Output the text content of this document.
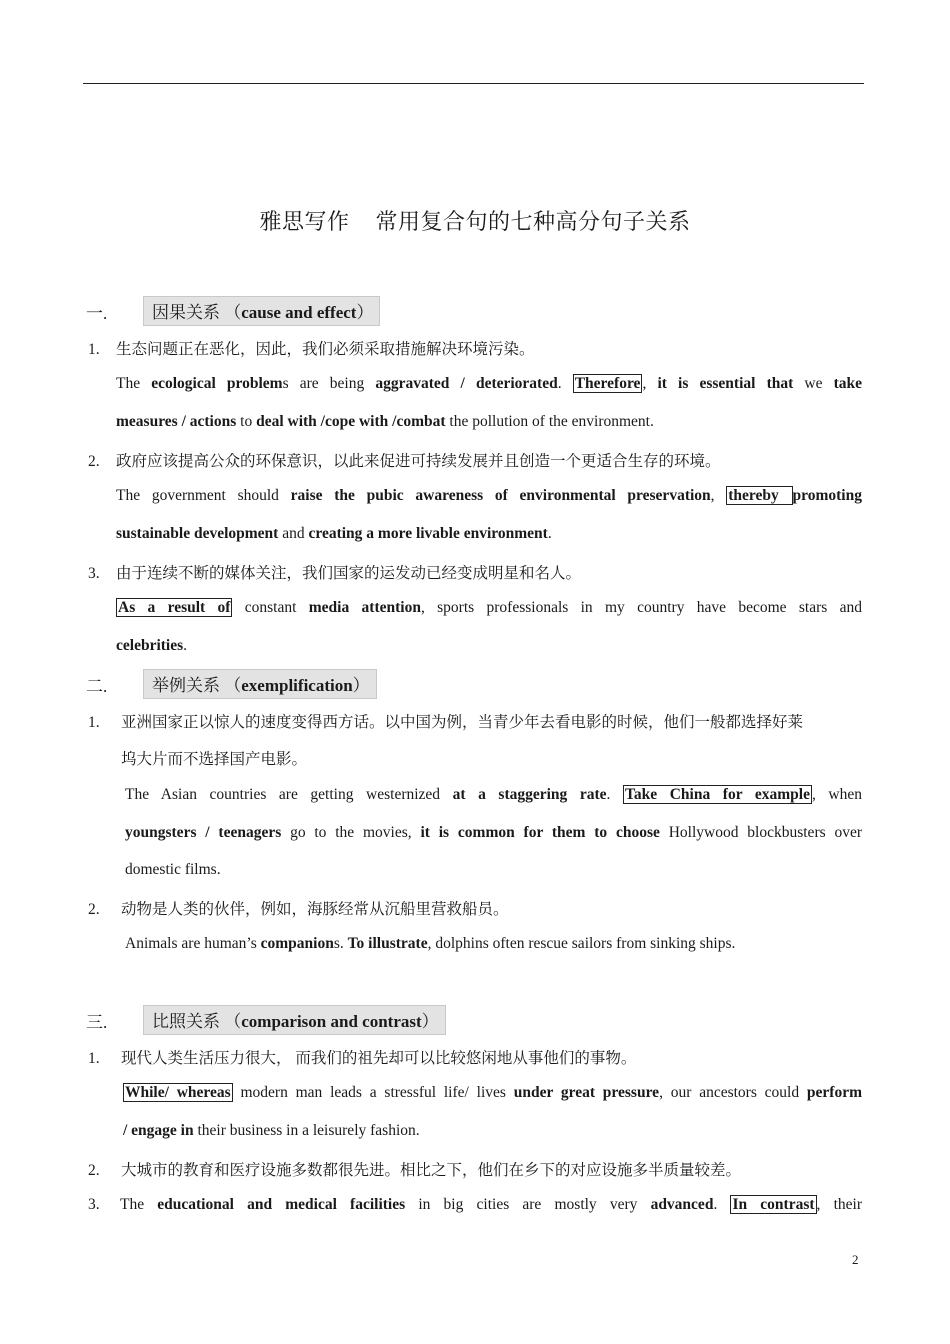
雅思写作 常用复合句的七种高分句子关系
一.	因果关系 （cause and effect）
1. 生态问题正在恶化，因此，我们必须采取措施解决环境污染。
The ecological problems are being aggravated / deteriorated. Therefore , it is essential that we take
measures / actions to deal with /cope with /combat the pollution of the environment.
2. 政府应该提高公众的环保意识，以此来促进可持续发展并且创造一个更适合生存的环境。
The government should raise the pubic awareness of environmental preservation, thereby promoting
sustainable development and creating a more livable environment.
3. 由于连续不断的媒体关注，我们国家的运发动已经变成明星和名人。
As a result of constant media attention, sports professionals in my country have become stars and
celebrities.
二.	举例关系 （exemplification）
1. 亚洲国家正以惊人的速度变得西方话。以中国为例，当青少年去看电影的时候，他们一般都选择好莱
坞大片而不选择国产电影。
The Asian countries are getting westernized at a staggering rate. Take China for example , when
youngsters / teenagers go to the movies, it is common for them to choose Hollywood blockbusters over
domestic films.
2. 动物是人类的伙伴，例如，海豚经常从沉船里营救船员。
Animals are human’s companions. To illustrate, dolphins often rescue sailors from sinking ships.
三.	比照关系 （comparison and contrast）
1. 现代人类生活压力很大， 而我们的祖先却可以比较悠闲地从事他们的事物。
While/ whereas modern man leads a stressful life/ lives under great pressure, our ancestors could perform
/ engage in their business in a leisurely fashion.
2. 大城市的教育和医疗设施多数都很先进。相比之下，他们在乡下的对应设施多半质量较差。
3.	The educational and medical facilities in big cities are mostly very advanced. In contrast , their
2
